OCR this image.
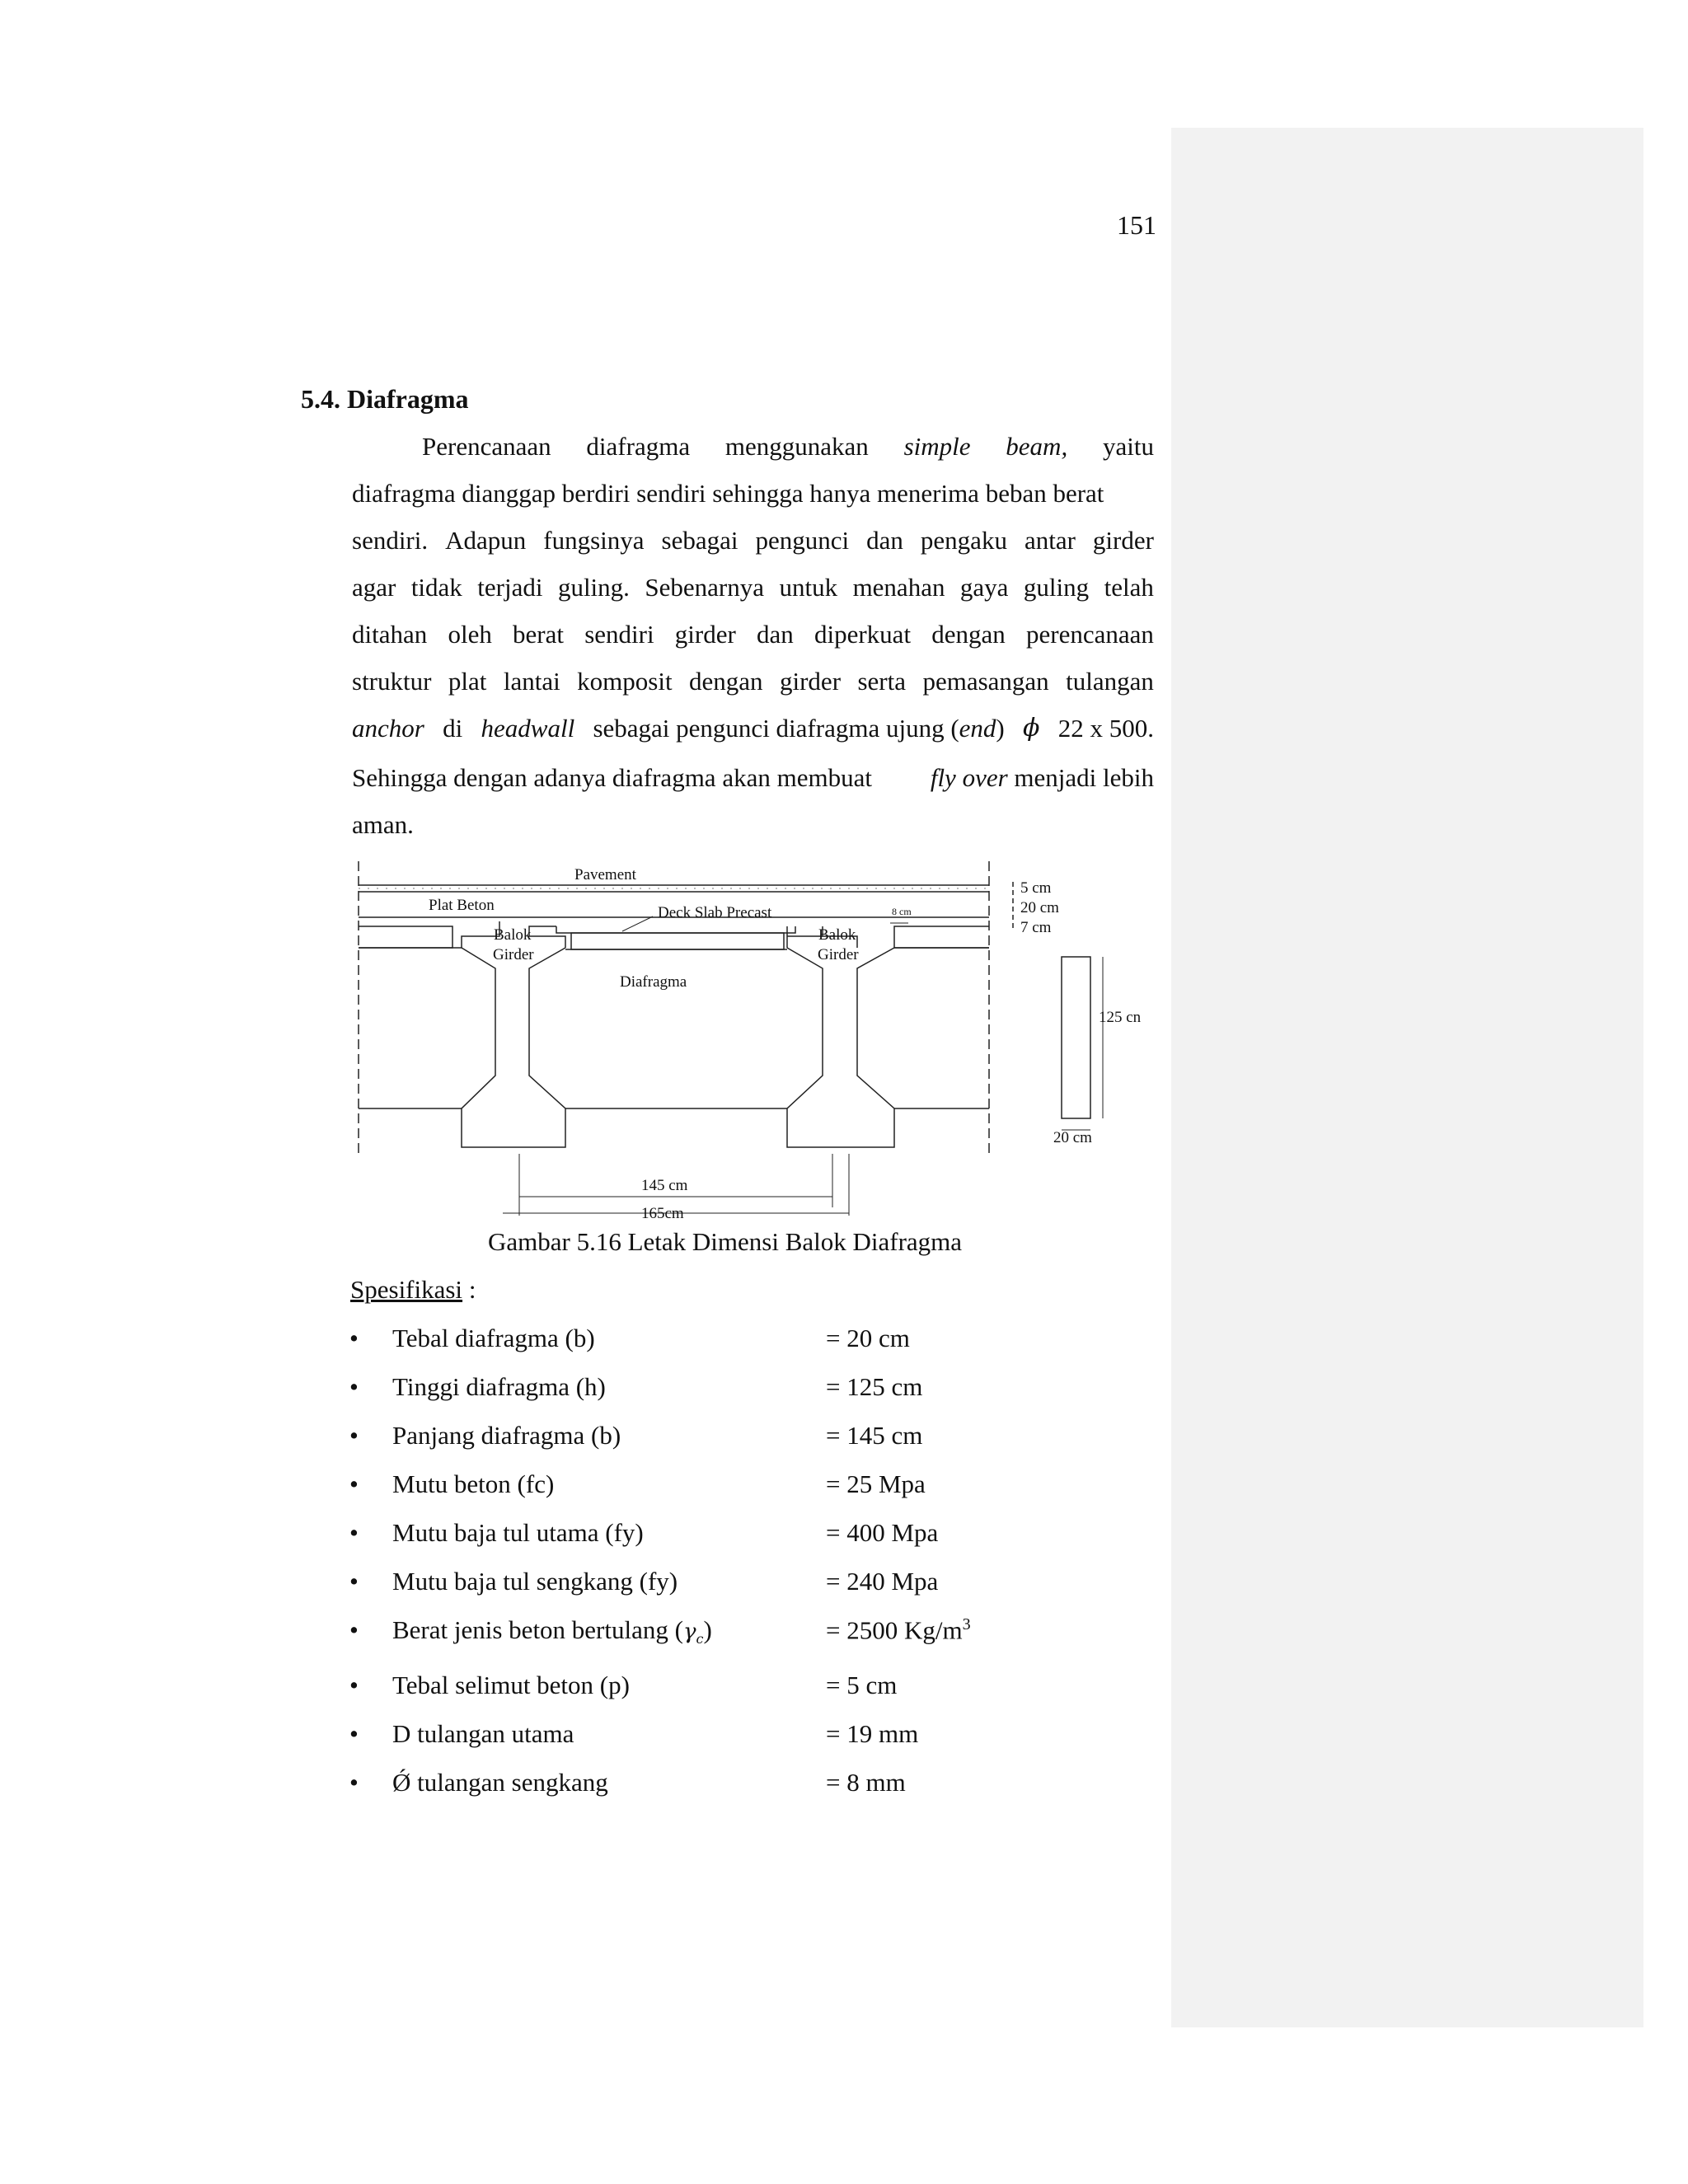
151
5.4. Diafragma
Perencanaan diafragma menggunakan simple beam, yaitu
diafragma dianggap berdiri sendiri sehingga hanya menerima beban berat
sendiri. Adapun fungsinya sebagai pengunci dan pengaku antar girder
agar tidak terjadi guling. Sebenarnya untuk menahan gaya guling telah
ditahan oleh berat sendiri girder dan diperkuat dengan perencanaan
struktur plat lantai komposit dengan girder serta pemasangan tulangan
anchor di headwall sebagai pengunci diafragma ujung (end) ϕ 22 x 500.
Sehingga dengan adanya diafragma akan membuat fly over menjadi lebih
aman.
Pavement
Plat Beton	Deck Slab Precast	8 cm
Balok
Girder
Balok
Girder
Diafragma
5 cm
20 cm
7 cm
125 cn
20 cm
145 cm
165cm
Gambar 5.16 Letak Dimensi Balok Diafragma
Spesifikasi :
• Tebal diafragma (b)	= 20 cm
• Tinggi diafragma (h)	= 125 cm
• Panjang diafragma (b)	= 145 cm
• Mutu beton (fc)	= 25 Mpa
• Mutu baja tul utama (fy)	= 400 Mpa
• Mutu baja tul sengkang (fy)	= 240 Mpa
• Berat jenis beton bertulang $(\gamma_c)$	= 2500 $Kg/m^3$
• Tebal selimut beton (p)	= 5 cm
• D tulangan utama	= 19 mm
• Ǿ tulangan sengkang	= 8 mm
